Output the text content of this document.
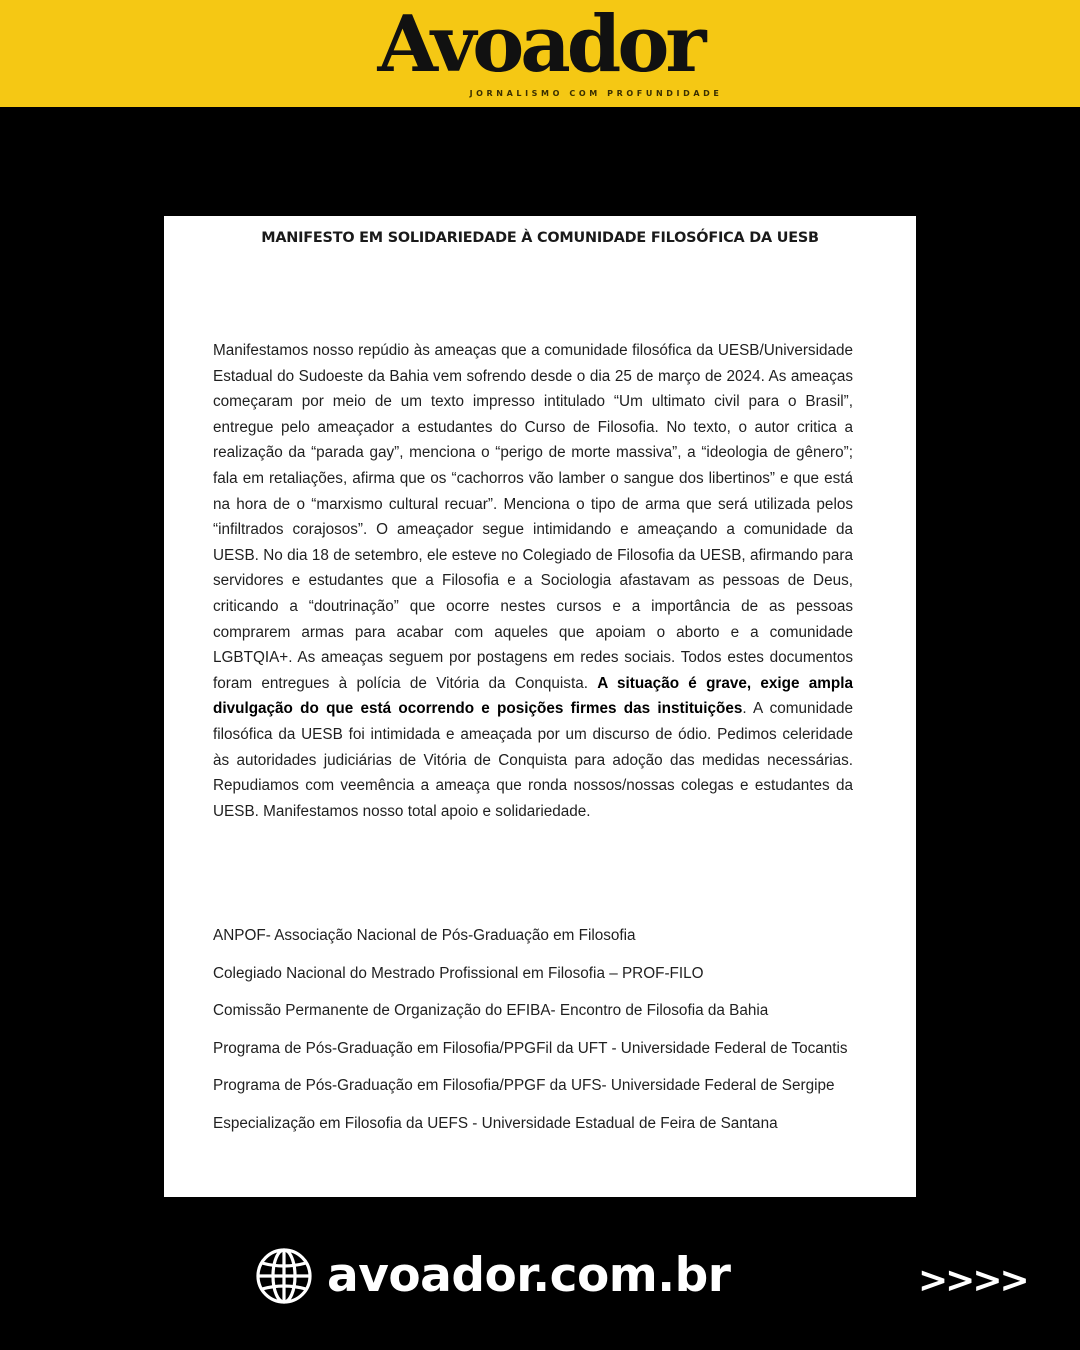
Avoador
JORNALISMO COM PROFUNDIDADE
MANIFESTO EM SOLIDARIEDADE À COMUNIDADE FILOSÓFICA DA UESB

Manifestamos nosso repúdio às ameaças que a comunidade filosófica da UESB/Universidade Estadual do Sudoeste da Bahia vem sofrendo desde o dia 25 de março de 2024. As ameaças começaram por meio de um texto impresso intitulado “Um ultimato civil para o Brasil”, entregue pelo ameaçador a estudantes do Curso de Filosofia. No texto, o autor critica a realização da “parada gay”, menciona o “perigo de morte massiva”, a “ideologia de gênero”; fala em retaliações, afirma que os “cachorros vão lamber o sangue dos libertinos” e que está na hora de o “marxismo cultural recuar”. Menciona o tipo de arma que será utilizada pelos “infiltrados corajosos”. O ameaçador segue intimidando e ameaçando a comunidade da UESB. No dia 18 de setembro, ele esteve no Colegiado de Filosofia da UESB, afirmando para servidores e estudantes que a Filosofia e a Sociologia afastavam as pessoas de Deus, criticando a “doutrinação” que ocorre nestes cursos e a importância de as pessoas comprarem armas para acabar com aqueles que apoiam o aborto e a comunidade LGBTQIA+. As ameaças seguem por postagens em redes sociais. Todos estes documentos foram entregues à polícia de Vitória da Conquista. A situação é grave, exige ampla divulgação do que está ocorrendo e posições firmes das instituições. A comunidade filosófica da UESB foi intimidada e ameaçada por um discurso de ódio. Pedimos celeridade às autoridades judiciárias de Vitória de Conquista para adoção das medidas necessárias. Repudiamos com veemência a ameaça que ronda nossos/nossas colegas e estudantes da UESB. Manifestamos nosso total apoio e solidariedade.

ANPOF- Associação Nacional de Pós-Graduação em Filosofia
Colegiado Nacional do Mestrado Profissional em Filosofia – PROF-FILO
Comissão Permanente de Organização do EFIBA- Encontro de Filosofia da Bahia
Programa de Pós-Graduação em Filosofia/PPGFil da UFT - Universidade Federal de Tocantis
Programa de Pós-Graduação em Filosofia/PPGF da UFS- Universidade Federal de Sergipe
Especialização em Filosofia da UEFS - Universidade Estadual de Feira de Santana
avoador.com.br	>>>>
